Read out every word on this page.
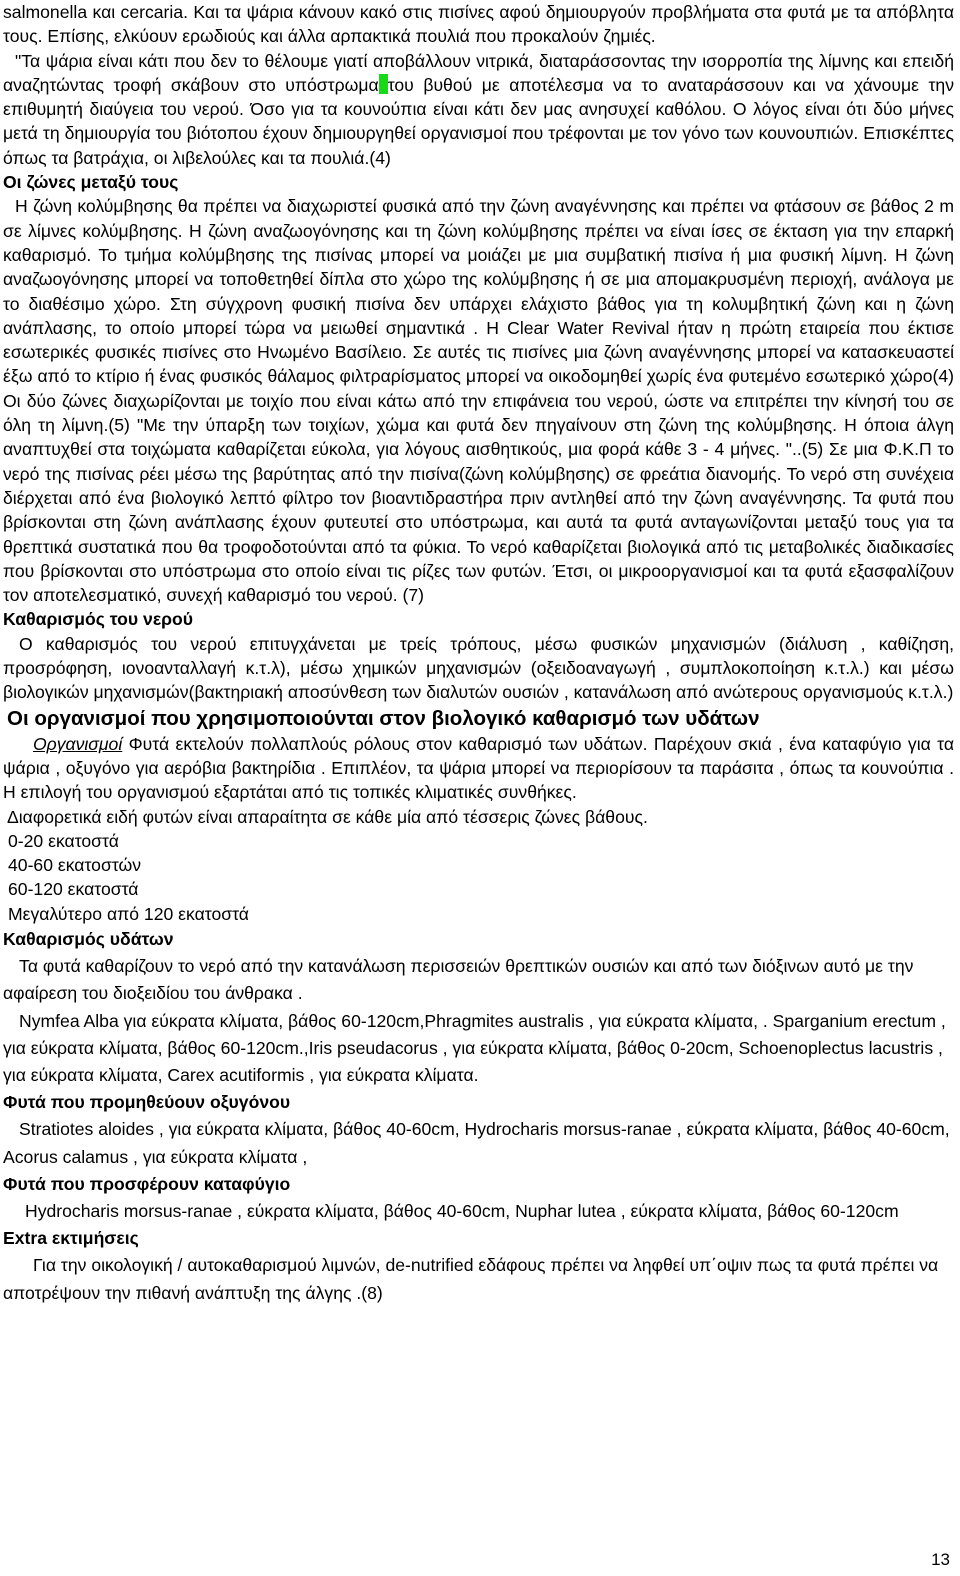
salmonella και cercaria. Και τα ψάρια κάνουν κακό στις πισίνες αφού δημιουργούν προβλήματα στα φυτά με τα απόβλητα τους. Επίσης, ελκύουν ερωδιούς και άλλα αρπακτικά πουλιά που προκαλούν ζημιές.

"Τα ψάρια είναι κάτι που δεν το θέλουμε γιατί αποβάλλουν νιτρικά, διαταράσσοντας την ισορροπία της λίμνης και επειδή αναζητώντας τροφή σκάβουν στο υπόστρωμα του βυθού με αποτέλεσμα να το αναταράσσουν και να χάνουμε την επιθυμητή διαύγεια του νερού. Όσο για τα κουνούπια είναι κάτι δεν μας ανησυχεί καθόλου. Ο λόγος είναι ότι δύο μήνες μετά τη δημιουργία του βιότοπου έχουν δημιουργηθεί οργανισμοί που τρέφονται με τον γόνο των κουνουπιών. Επισκέπτες όπως τα βατράχια, οι λιβελούλες και τα πουλιά.(4)

Οι ζώνες μεταξύ τους

Η ζώνη κολύμβησης θα πρέπει να διαχωριστεί φυσικά από την ζώνη αναγέννησης και πρέπει να φτάσουν σε βάθος 2 m σε λίμνες κολύμβησης. Η ζώνη αναζωογόνησης και τη ζώνη κολύμβησης πρέπει να είναι ίσες σε έκταση για την επαρκή καθαρισμό. Το τμήμα κολύμβησης της πισίνας μπορεί να μοιάζει με μια συμβατική πισίνα ή μια φυσική λίμνη. Η ζώνη αναζωογόνησης μπορεί να τοποθετηθεί δίπλα στο χώρο της κολύμβησης ή σε μια απομακρυσμένη περιοχή, ανάλογα με το διαθέσιμο χώρο. Στη σύγχρονη φυσική πισίνα δεν υπάρχει ελάχιστο βάθος για τη κολυμβητική ζώνη και η ζώνη ανάπλασης, το οποίο μπορεί τώρα να μειωθεί σημαντικά . Η Clear Water Revival ήταν η πρώτη εταιρεία που έκτισε εσωτερικές φυσικές πισίνες στο Ηνωμένο Βασίλειο. Σε αυτές τις πισίνες μια ζώνη αναγέννησης μπορεί να κατασκευαστεί έξω από το κτίριο ή ένας φυσικός θάλαμος φιλτραρίσματος μπορεί να οικοδομηθεί χωρίς ένα φυτεμένο εσωτερικό χώρο(4) Οι δύο ζώνες διαχωρίζονται με τοιχίο που είναι κάτω από την επιφάνεια του νερού, ώστε να επιτρέπει την κίνησή του σε όλη τη λίμνη.(5) "Με την ύπαρξη των τοιχίων, χώμα και φυτά δεν πηγαίνουν στη ζώνη της κολύμβησης. Η όποια άλγη αναπτυχθεί στα τοιχώματα καθαρίζεται εύκολα, για λόγους αισθητικούς, μια φορά κάθε 3 - 4 μήνες. "..(5) Σε μια Φ.Κ.Π το νερό της πισίνας ρέει μέσω της βαρύτητας από την πισίνα(ζώνη κολύμβησης) σε φρεάτια διανομής. Το νερό στη συνέχεια διέρχεται από ένα βιολογικό λεπτό φίλτρο τον βιοαντιδραστήρα πριν αντληθεί από την ζώνη αναγέννησης. Τα φυτά που βρίσκονται στη ζώνη ανάπλασης έχουν φυτευτεί στο υπόστρωμα, και αυτά τα φυτά ανταγωνίζονται μεταξύ τους για τα θρεπτικά συστατικά που θα τροφοδοτούνται από τα φύκια. Το νερό καθαρίζεται βιολογικά από τις μεταβολικές διαδικασίες που βρίσκονται στο υπόστρωμα στο οποίο είναι τις ρίζες των φυτών. Έτσι, οι μικροοργανισμοί και τα φυτά εξασφαλίζουν τον αποτελεσματικό, συνεχή καθαρισμό του νερού. (7)

Καθαρισμός του νερού

Ο καθαρισμός του νερού επιτυγχάνεται με τρείς τρόπους, μέσω φυσικών μηχανισμών (διάλυση , καθίζηση, προσρόφηση, ιονοανταλλαγή κ.τ.λ), μέσω χημικών μηχανισμών (οξειδοαναγωγή , συμπλοκοποίηση κ.τ.λ.) και μέσω βιολογικών μηχανισμών(βακτηριακή αποσύνθεση των διαλυτών ουσιών , κατανάλωση από ανώτερους οργανισμούς κ.τ.λ.)

Οι οργανισμοί που χρησιμοποιούνται στον βιολογικό καθαρισμό των υδάτων

Οργανισμοί Φυτά εκτελούν πολλαπλούς ρόλους στον καθαρισμό των υδάτων. Παρέχουν σκιά , ένα καταφύγιο για τα ψάρια , οξυγόνο για αερόβια βακτηρίδια . Επιπλέον, τα ψάρια μπορεί να περιορίσουν τα παράσιτα , όπως τα κουνούπια . Η επιλογή του οργανισμού εξαρτάται από τις τοπικές κλιματικές συνθήκες.

Διαφορετικά ειδή φυτών είναι απαραίτητα σε κάθε μία από τέσσερις ζώνες βάθους.

0-20 εκατοστά

40-60 εκατοστών

60-120 εκατοστά

Μεγαλύτερο από 120 εκατοστά

Καθαρισμός υδάτων

Τα φυτά καθαρίζουν το νερό από την κατανάλωση περισσειών θρεπτικών ουσιών και από των διόξινων αυτό με την αφαίρεση του διοξειδίου του άνθρακα .

Nymfea Alba για εύκρατα κλίματα, βάθος 60-120cm,Phragmites australis , για εύκρατα κλίματα, . Sparganium erectum , για εύκρατα κλίματα, βάθος 60-120cm.,Iris pseudacorus , για εύκρατα κλίματα, βάθος 0-20cm, Schoenoplectus lacustris , για εύκρατα κλίματα, Carex acutiformis , για εύκρατα κλίματα.

Φυτά που προμηθεύουν οξυγόνου

Stratiotes aloides , για εύκρατα κλίματα, βάθος 40-60cm, Hydrocharis morsus-ranae , εύκρατα κλίματα, βάθος 40-60cm, Acorus calamus , για εύκρατα κλίματα ,

Φυτά που προσφέρουν καταφύγιο

Hydrocharis morsus-ranae , εύκρατα κλίματα, βάθος 40-60cm, Nuphar lutea , εύκρατα κλίματα, βάθος 60-120cm

Extra εκτιμήσεις

Για την οικολογική / αυτοκαθαρισμού λιμνών, de-nutrified εδάφους πρέπει να ληφθεί υπ΄οψιν πως τα φυτά πρέπει να αποτρέψουν την πιθανή ανάπτυξη της άλγης .(8)

13
